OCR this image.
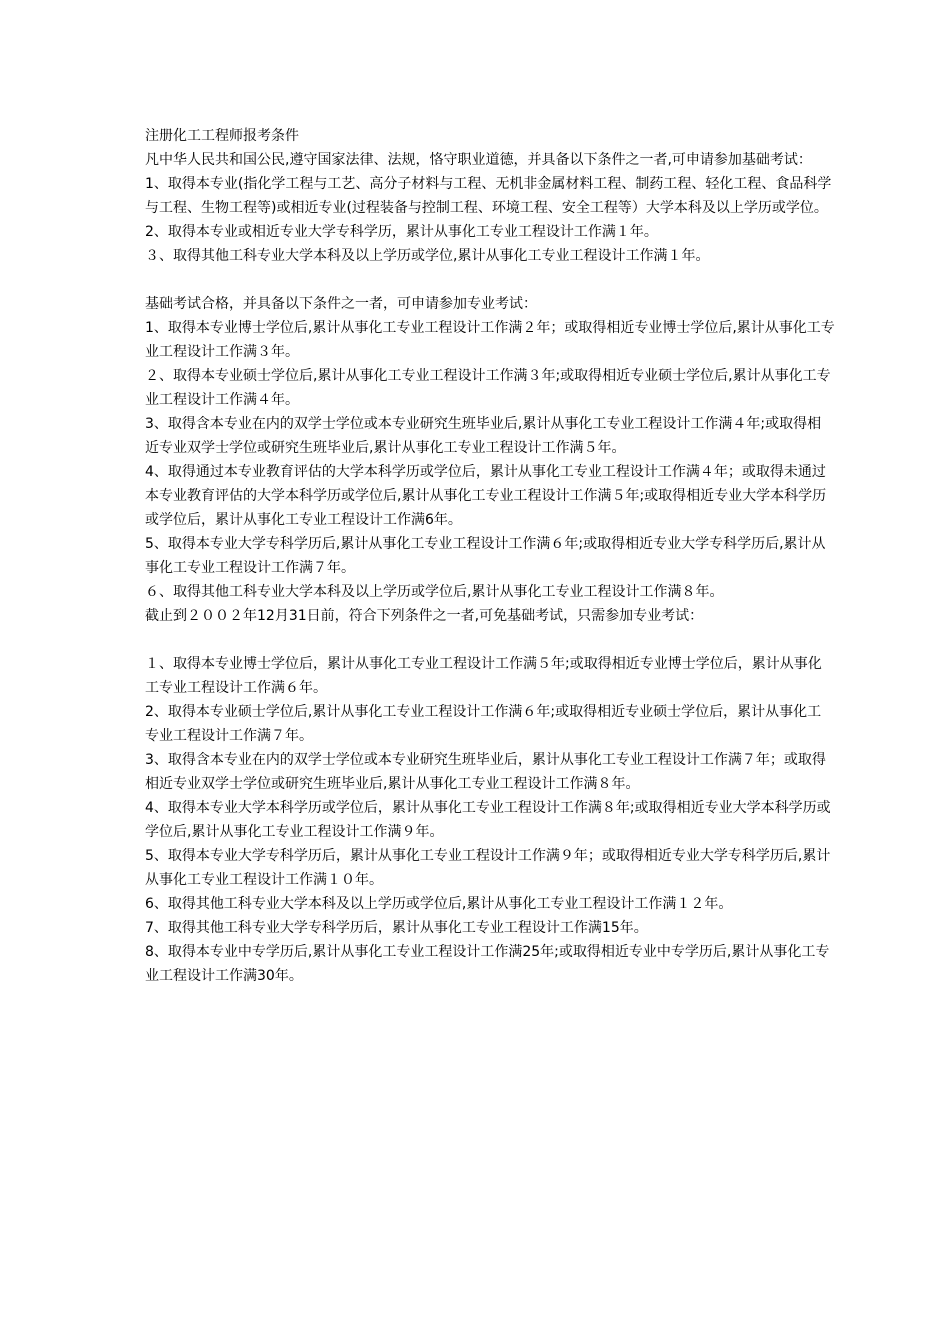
注册化工工程师报考条件

凡中华人民共和国公民,遵守国家法律、法规，恪守职业道德，并具备以下条件之一者,可申请参加基础考试：

1、取得本专业(指化学工程与工艺、高分子材料与工程、无机非金属材料工程、制药工程、轻化工程、食品科学与工程、生物工程等)或相近专业(过程装备与控制工程、环境工程、安全工程等）大学本科及以上学历或学位。

2、取得本专业或相近专业大学专科学历，累计从事化工专业工程设计工作满１年。

３、取得其他工科专业大学本科及以上学历或学位,累计从事化工专业工程设计工作满１年。

基础考试合格，并具备以下条件之一者，可申请参加专业考试：

1、取得本专业博士学位后,累计从事化工专业工程设计工作满２年；或取得相近专业博士学位后,累计从事化工专业工程设计工作满３年。

２、取得本专业硕士学位后,累计从事化工专业工程设计工作满３年;或取得相近专业硕士学位后,累计从事化工专业工程设计工作满４年。

3、取得含本专业在内的双学士学位或本专业研究生班毕业后,累计从事化工专业工程设计工作满４年;或取得相近专业双学士学位或研究生班毕业后,累计从事化工专业工程设计工作满５年。

4、取得通过本专业教育评估的大学本科学历或学位后，累计从事化工专业工程设计工作满４年；或取得未通过本专业教育评估的大学本科学历或学位后,累计从事化工专业工程设计工作满５年;或取得相近专业大学本科学历或学位后，累计从事化工专业工程设计工作满6年。

5、取得本专业大学专科学历后,累计从事化工专业工程设计工作满６年;或取得相近专业大学专科学历后,累计从事化工专业工程设计工作满７年。

６、取得其他工科专业大学本科及以上学历或学位后,累计从事化工专业工程设计工作满８年。

截止到２００２年12月31日前，符合下列条件之一者,可免基础考试，只需参加专业考试：

１、取得本专业博士学位后，累计从事化工专业工程设计工作满５年;或取得相近专业博士学位后，累计从事化工专业工程设计工作满６年。

2、取得本专业硕士学位后,累计从事化工专业工程设计工作满６年;或取得相近专业硕士学位后，累计从事化工专业工程设计工作满７年。

3、取得含本专业在内的双学士学位或本专业研究生班毕业后，累计从事化工专业工程设计工作满７年；或取得相近专业双学士学位或研究生班毕业后,累计从事化工专业工程设计工作满８年。

4、取得本专业大学本科学历或学位后，累计从事化工专业工程设计工作满８年;或取得相近专业大学本科学历或学位后,累计从事化工专业工程设计工作满９年。

5、取得本专业大学专科学历后，累计从事化工专业工程设计工作满９年；或取得相近专业大学专科学历后,累计从事化工专业工程设计工作满１０年。

6、取得其他工科专业大学本科及以上学历或学位后,累计从事化工专业工程设计工作满１２年。

7、取得其他工科专业大学专科学历后，累计从事化工专业工程设计工作满15年。

8、取得本专业中专学历后,累计从事化工专业工程设计工作满25年;或取得相近专业中专学历后,累计从事化工专业工程设计工作满30年。
